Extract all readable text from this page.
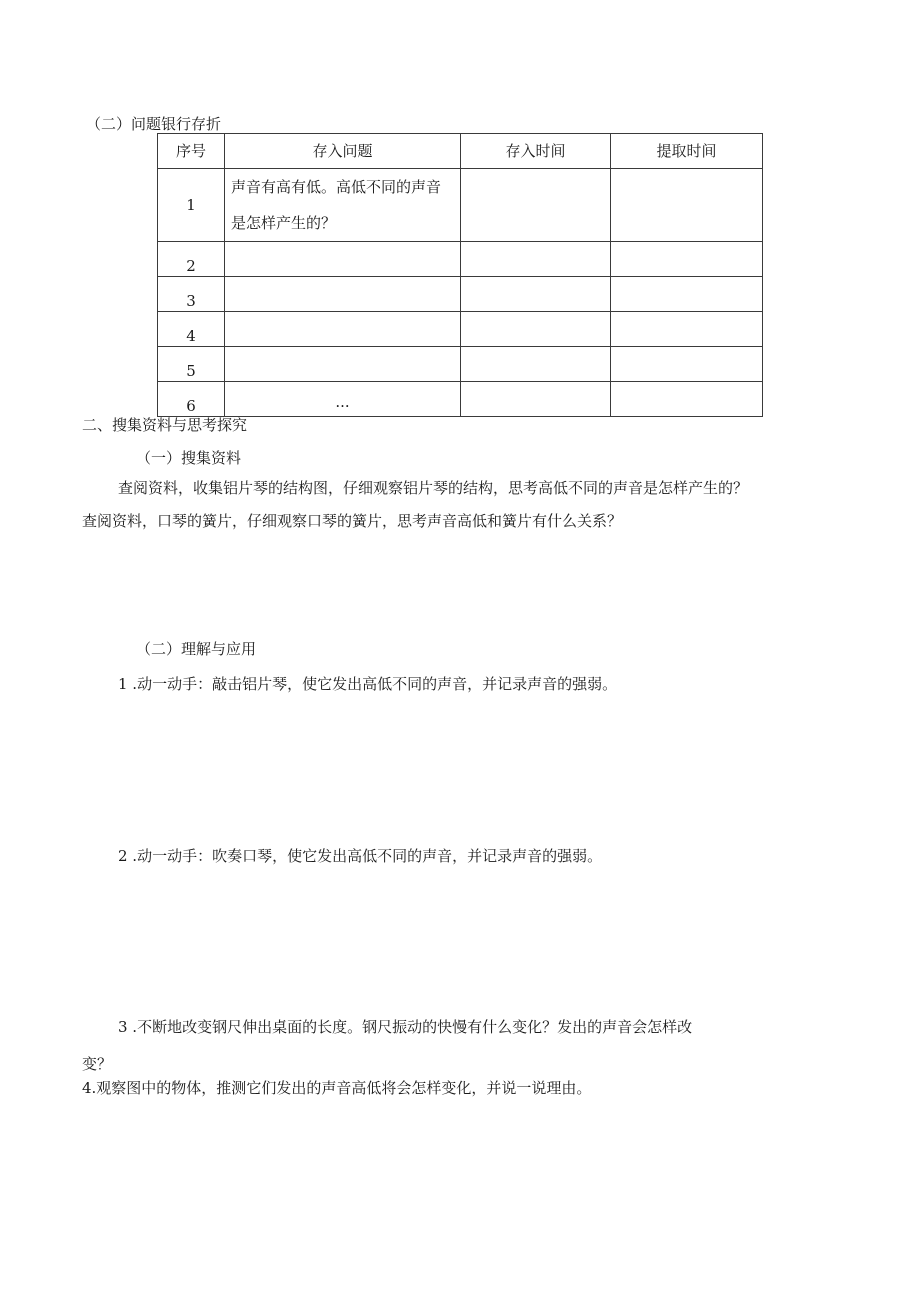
（二）问题银行存折
序号	存入问题	存入时间	提取时间
1	声音有高有低。高低不同的声音是怎样产生的？		
2			
3			
4			
5			
6	···		
二、搜集资料与思考探究
（一）搜集资料
查阅资料，收集铝片琴的结构图，仔细观察铝片琴的结构，思考高低不同的声音是怎样产生的？
查阅资料，口琴的簧片，仔细观察口琴的簧片，思考声音高低和簧片有什么关系？
（二）理解与应用
1 .动一动手：敲击铝片琴，使它发出高低不同的声音，并记录声音的强弱。
2 .动一动手：吹奏口琴，使它发出高低不同的声音，并记录声音的强弱。
3 .不断地改变钢尺伸出桌面的长度。钢尺振动的快慢有什么变化？发出的声音会怎样改
变？
4.观察图中的物体，推测它们发出的声音高低将会怎样变化，并说一说理由。
